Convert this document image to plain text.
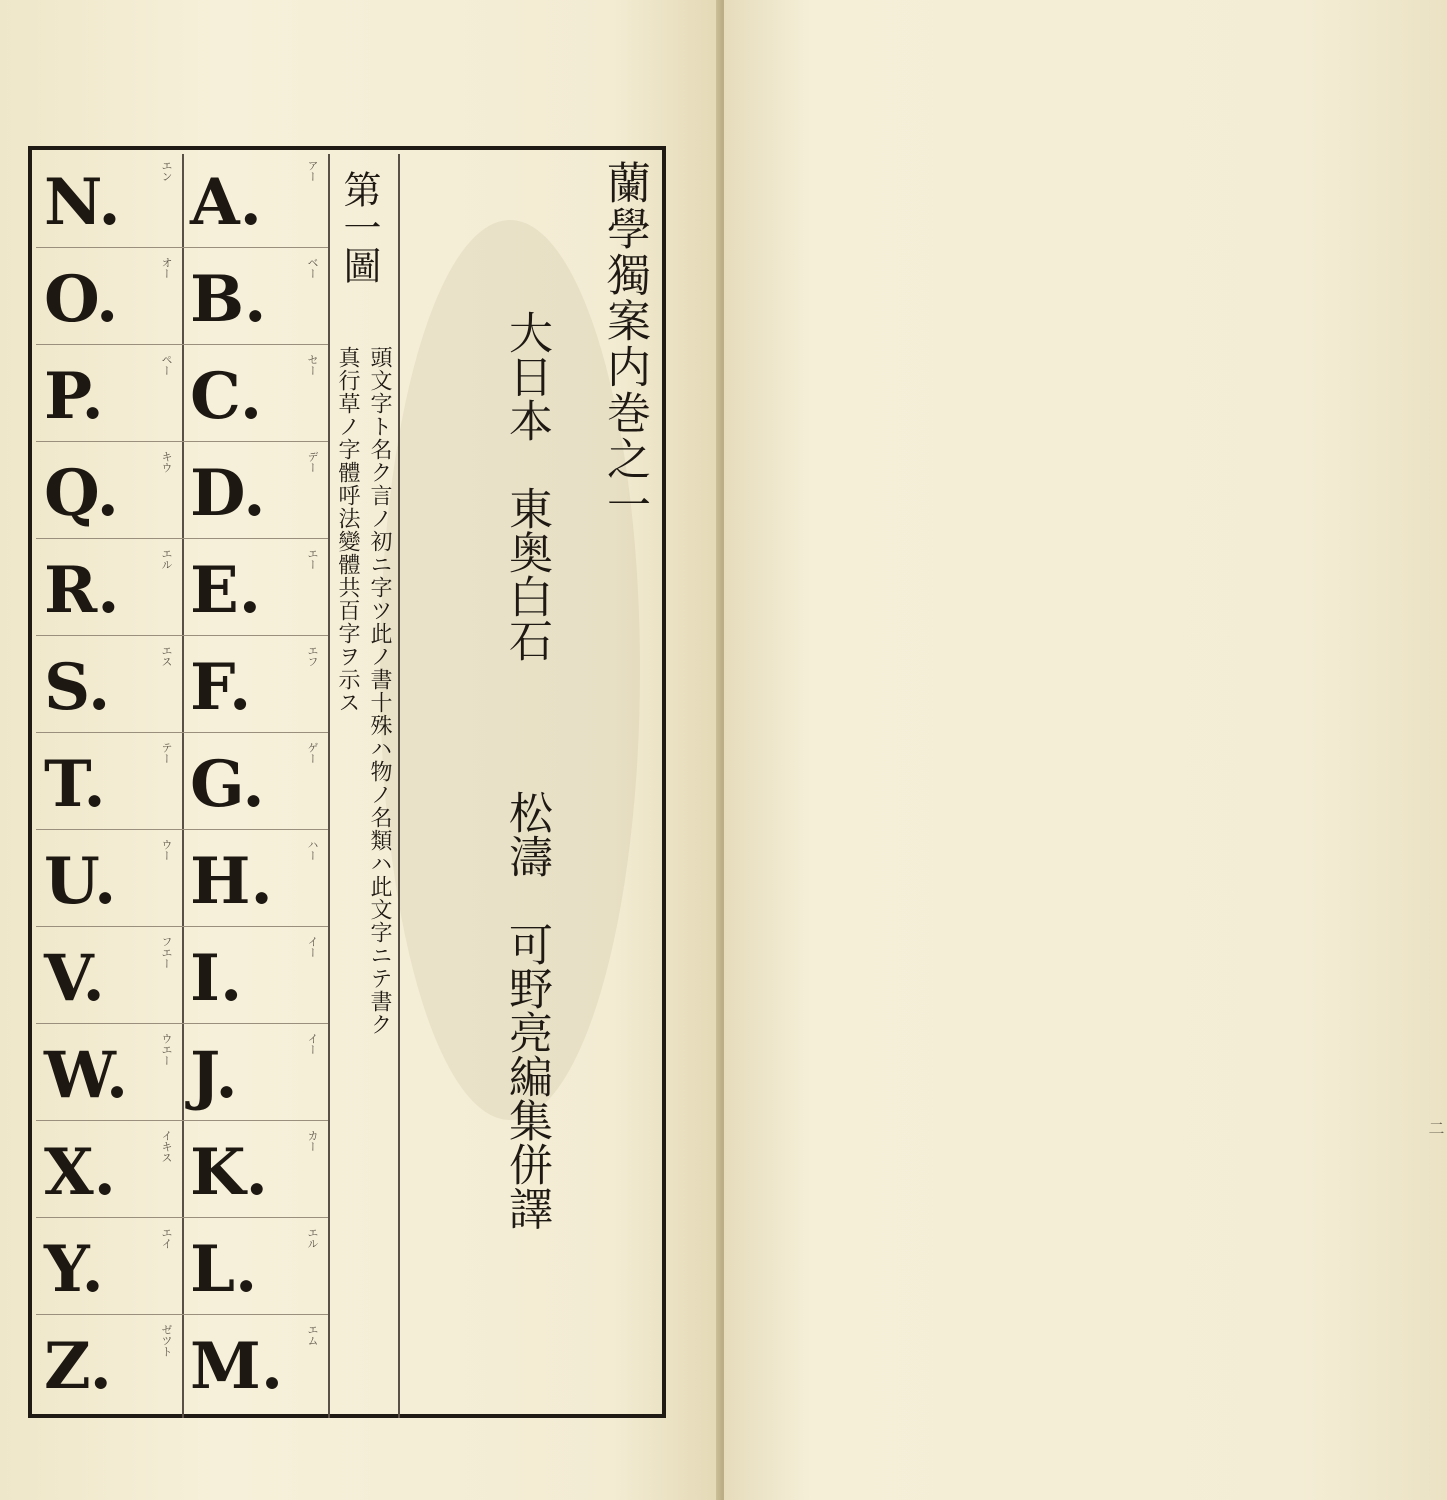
N.	エン
O.	オー
P.	ペー
Q.	キウ
R.	エル
S.	エス
T.	テー
U.	ウー
V.	フエー
W.	ウエー
X.	イキス
Y.	エイ
Z.	ゼツト
A.	アー
B.	ベー
C.	セー
D.	デー
E.	エー
F.	エフ
G.	ゲー
H.	ハー
I.	イー
J.	イー
K.	カー
L.	エル
M.	エム
第一圖
頭文字ト名ク言ノ初ニ字ツ此ノ書十殊ハ物ノ名類ハ此文字ニテ書ク
真行草ノ字體呼法變體共百字ヲ示ス	大日本　東奥白石
松濤　可野亮編集併譯
蘭學獨案内巻之一
二
